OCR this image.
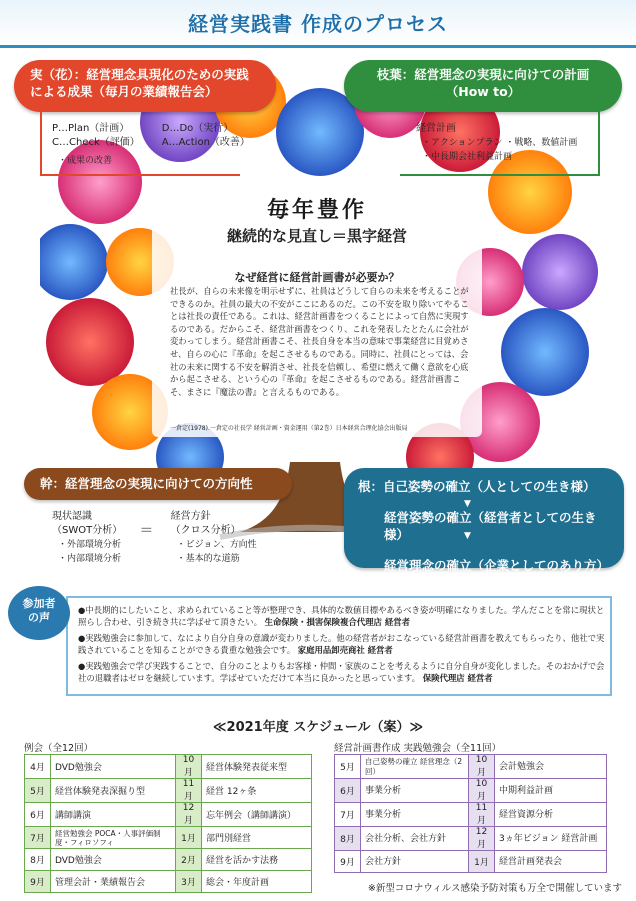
経営実践書 作成のプロセス
実（花）：経営理念具現化のための実践による成果（毎月の業績報告会）
枝葉：経営理念の実現に向けての計画
（How to）
P…Plan（計画）
C…Check（評価）
D…Do（実行）
A…Action（改善）
・成果の改善
経営計画
・アクションプラン ・戦略、数値計画
・中長期会社利益計画
毎年豊作
継続的な見直し＝黒字経営
なぜ経営に経営計画書が必要か？
社長が、自らの未来像を明示せずに、社員はどうして自らの未来を考えることができるのか。社員の最大の不安がここにあるのだ。この不安を取り除いてやることは社長の責任である。これは、経営計画書をつくることによって自然に実現するのである。だからこそ、経営計画書をつくり、これを発表したとたんに会社が変わってしまう。経営計画書こそ、社長自身を本当の意味で事業経営に目覚めさせ、自らの心に『革命』を起こさせるものである。同時に、社員にとっては、会社の未来に関する不安を解消させ、社長を信頼し、希望に燃えて働く意欲を心底から起こさせる、という心の『革命』を起こさせるものである。経営計画書こそ、まさに『魔法の書』と言えるものである。
一倉定(1978).一倉定の社長学 経営計画・資金運用（第2巻）日本経営合理化協会出版局
幹：経営理念の実現に向けての方向性
現状認識
（SWOT分析）
・外部環境分析
・内部環境分析
＝
経営方針
（クロス分析）
・ビジョン、方向性
・基本的な道筋
根：自己姿勢の確立（人としての生き様）
▼
経営姿勢の確立（経営者としての生き様）	▼
経営理念の確立（企業としてのあり方）
参加者
の声
●中長期的にしたいこと、求められていること等が整理でき、具体的な数値目標やあるべき姿が明確になりました。学んだことを常に現状と照らし合わせ、引き続き共に学ばせて頂きたい。 生命保険・損害保険複合代理店 経営者
●実践勉強会に参加して、なにより自分自身の意識が変わりました。他の経営者がおこなっている経営計画書を教えてもらったり、他社で実践されていることを知ることができる貴重な勉強会です。 家庭用品卸売商社 経営者
●実践勉強会で学び実践することで、自分のことよりもお客様・仲間・家族のことを考えるように自分自身が変化しました。そのおかげで会社の退職者はゼロを継続しています。学ばせていただけて本当に良かったと思っています。 保険代理店 経営者
≪2021年度 スケジュール（案）≫
例会（全12回）	経営計画書作成 実践勉強会（全11回）
4月	DVD勉強会	10月	経営体験発表従来型
5月	経営体験発表深掘り型	11月	経営 12ヶ条
6月	講師講演	12月	忘年例会（講師講演）
7月	経営勉強会 POCA・人事評価制度・フィロソフィ	1月	部門別経営
8月	DVD勉強会	2月	経営を活かす法務
9月	管理会計・業績報告会	3月	総会・年度計画
5月	自己姿勢の確立 経営理念（2回）	10月	会計勉強会
6月	事業分析	10月	中期利益計画
7月	事業分析	11月	経営資源分析
8月	会社分析、会社方針	12月	3ヵ年ビジョン 経営計画
9月	会社方針	1月	経営計画発表会
※新型コロナウィルス感染予防対策も万全で開催しています
